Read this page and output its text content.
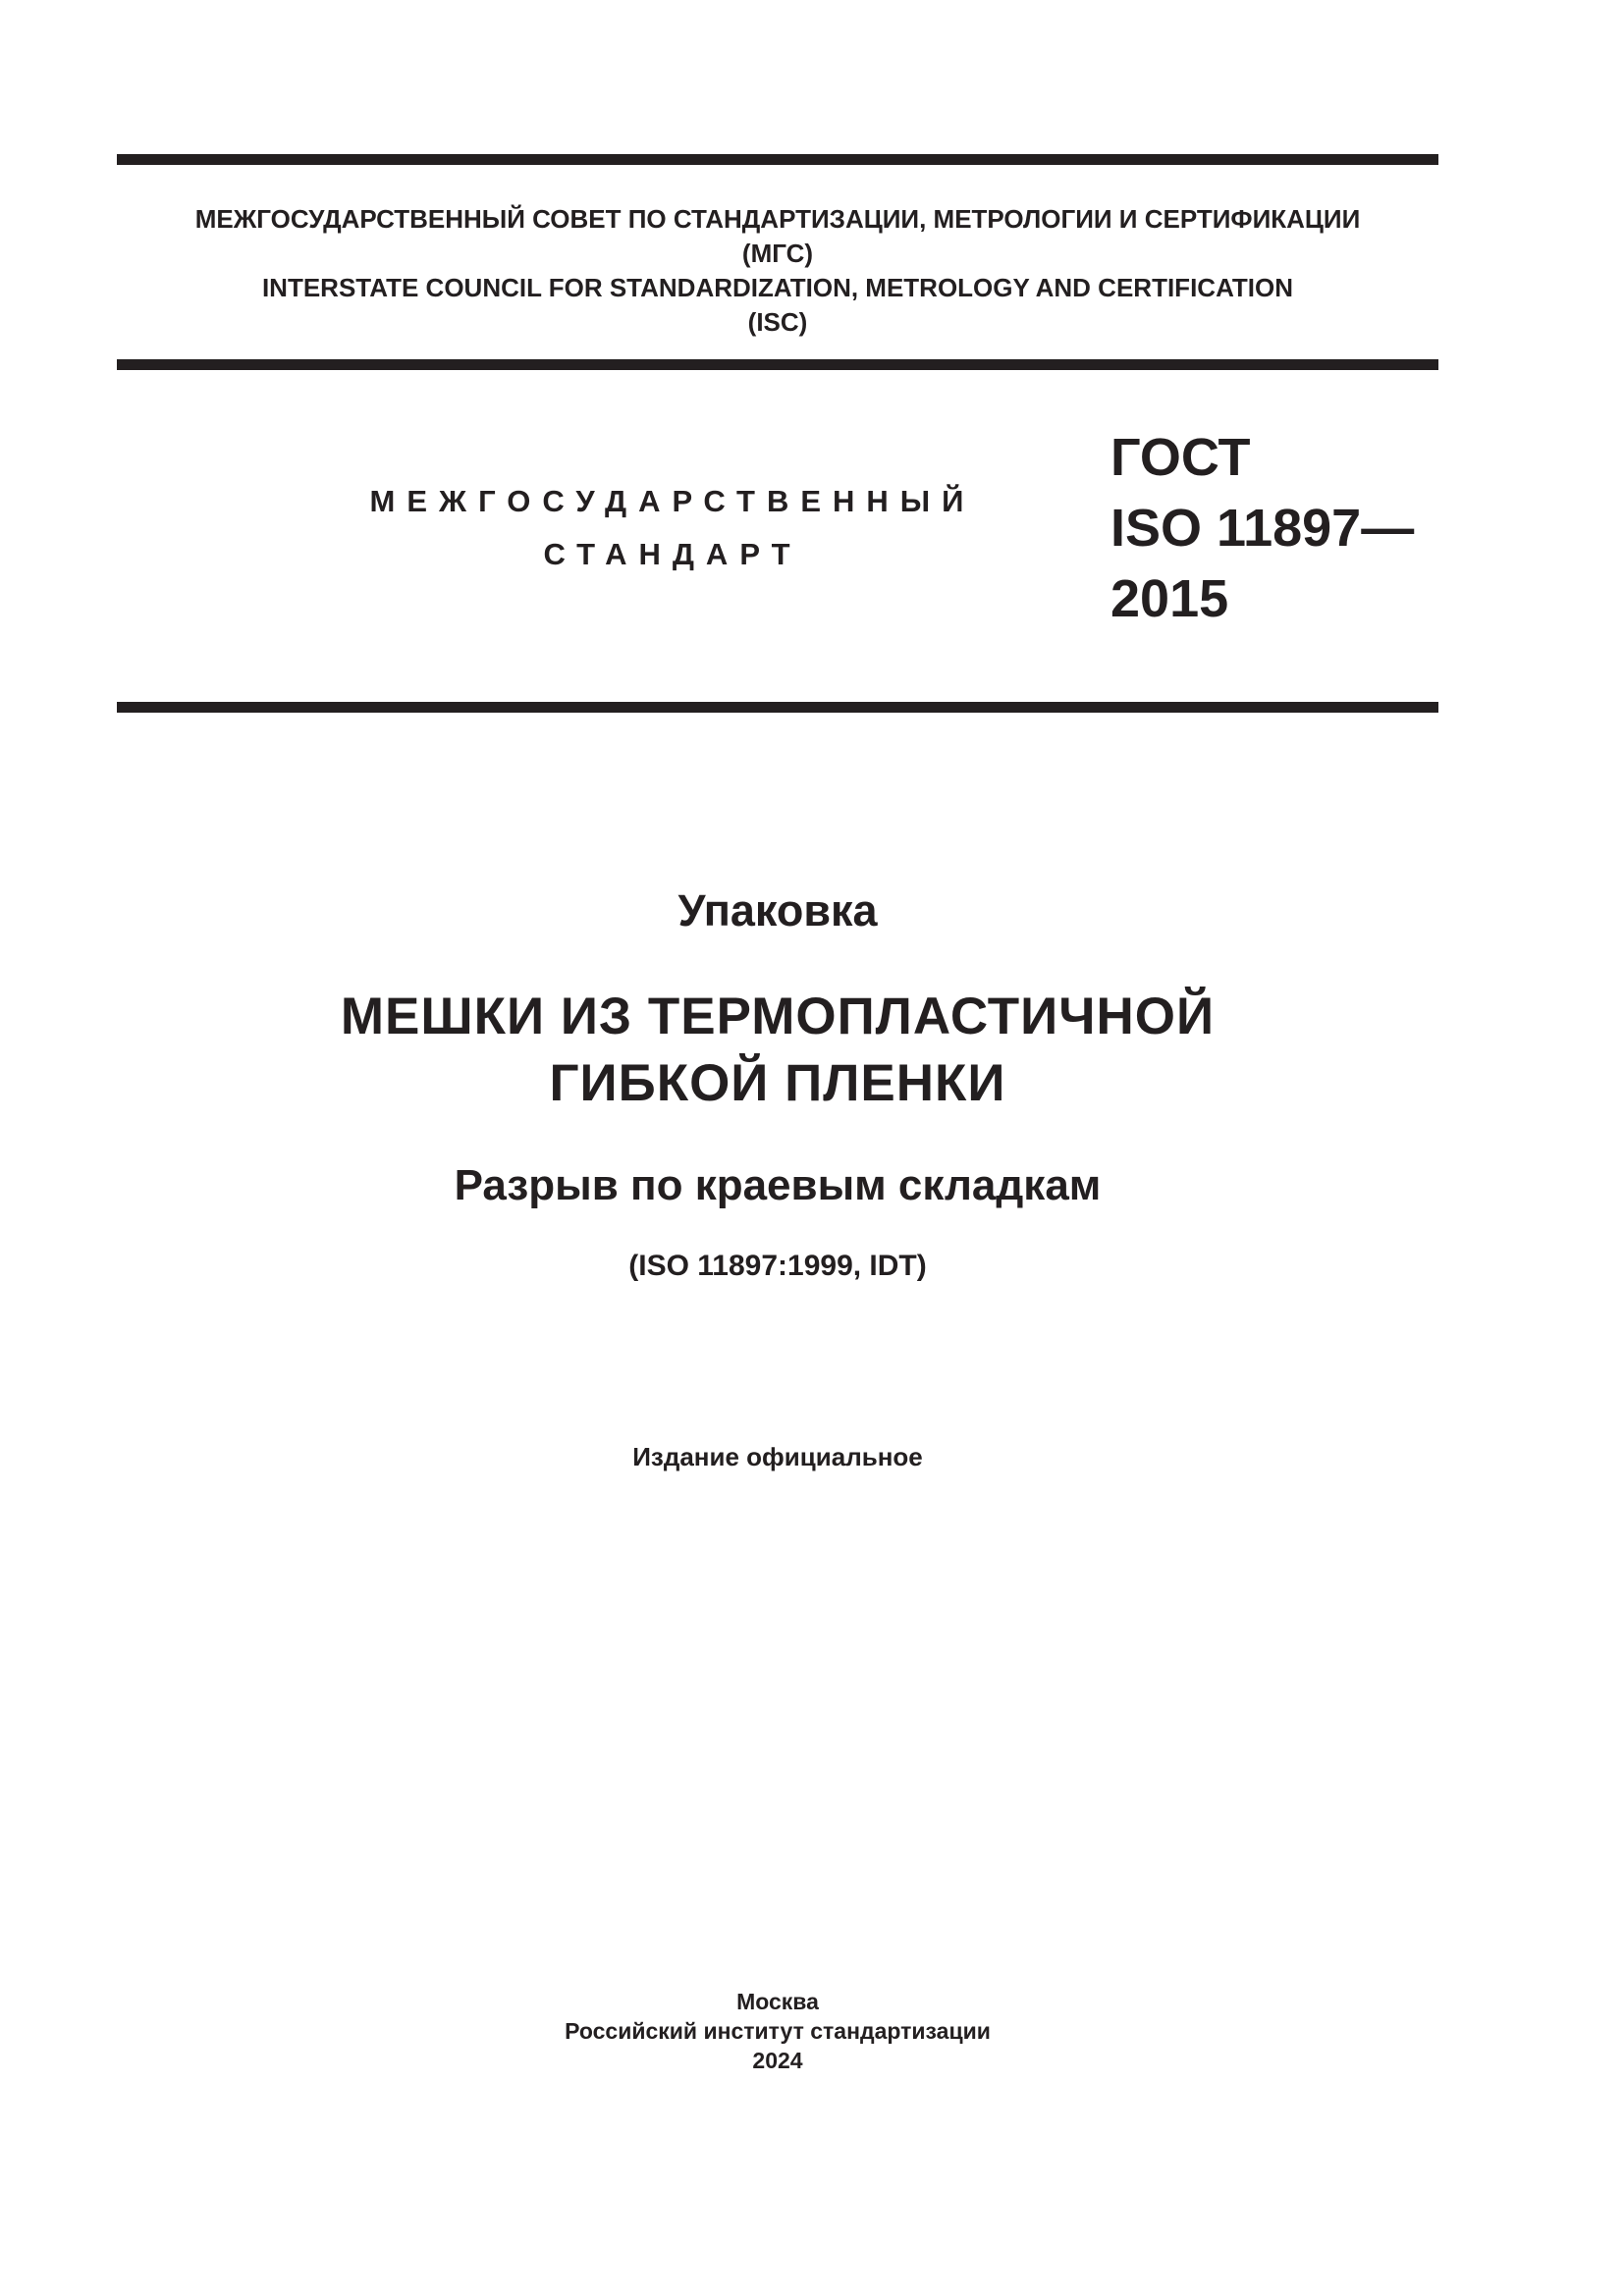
МЕЖГОСУДАРСТВЕННЫЙ СОВЕТ ПО СТАНДАРТИЗАЦИИ, МЕТРОЛОГИИ И СЕРТИФИКАЦИИ
(МГС)
INTERSTATE COUNCIL FOR STANDARDIZATION, METROLOGY AND CERTIFICATION
(ISC)
МЕЖГОСУДАРСТВЕННЫЙ
СТАНДАРТ
ГОСТ
ISO 11897—
2015
Упаковка
МЕШКИ ИЗ ТЕРМОПЛАСТИЧНОЙ
ГИБКОЙ ПЛЕНКИ
Разрыв по краевым складкам
(ISO 11897:1999, IDT)
Издание официальное
Москва
Российский институт стандартизации
2024
